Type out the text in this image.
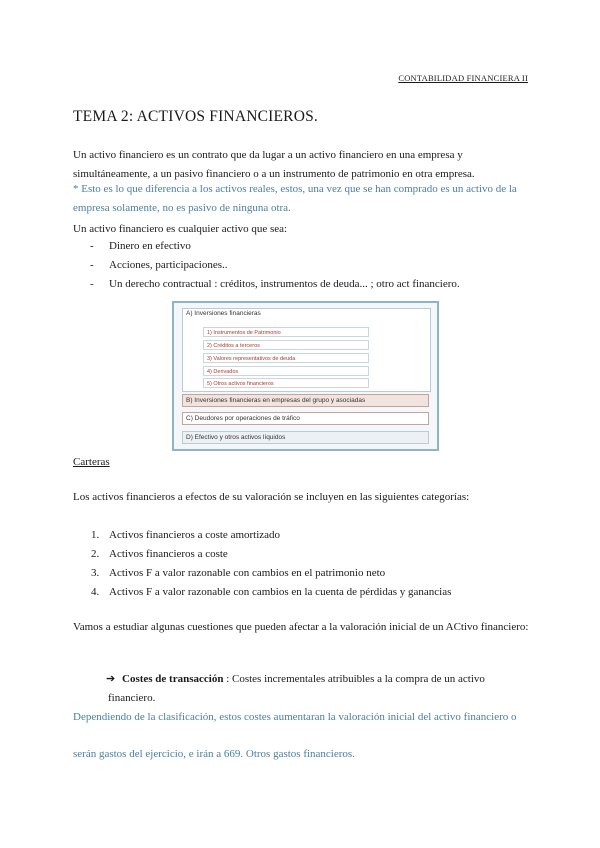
CONTABILIDAD FINANCIERA II
TEMA 2: ACTIVOS FINANCIEROS.
Un activo financiero es un contrato que da lugar a un activo financiero en una empresa y simultáneamente, a un pasivo financiero o a un instrumento de patrimonio en otra empresa.
* Esto es lo que diferencia a los activos reales, estos, una vez que se han comprado es un activo de la empresa solamente, no es pasivo de ninguna otra.
Un activo financiero es cualquier activo que sea:
- Dinero en efectivo
- Acciones, participaciones..
- Un derecho contractual : créditos, instrumentos de deuda... ; otro act financiero.
A) Inversiones financieras
1) Instrumentos de Patrimonio
2) Créditos a terceros
3) Valores representativos de deuda
4) Derivados
5) Otros activos financieros
B) Inversiones financieras en empresas del grupo y asociadas
C) Deudores por operaciones de tráfico
D) Efectivo y otros activos líquidos
Carteras
Los activos financieros a efectos de su valoración se incluyen en las siguientes categorías:
1. Activos financieros a coste amortizado
2. Activos financieros a coste
3. Activos F a valor razonable con cambios en el patrimonio neto
4. Activos F a valor razonable con cambios en la cuenta de pérdidas y ganancias
Vamos a estudiar algunas cuestiones que pueden afectar a la valoración inicial de un ACtivo financiero:
➔
Costes de transacción : Costes incrementales atribuibles a la compra de un activo financiero.
Dependiendo de la clasificación, estos costes aumentaran la valoración inicial del activo financiero o
serán gastos del ejercicio, e irán a 669. Otros gastos financieros.
